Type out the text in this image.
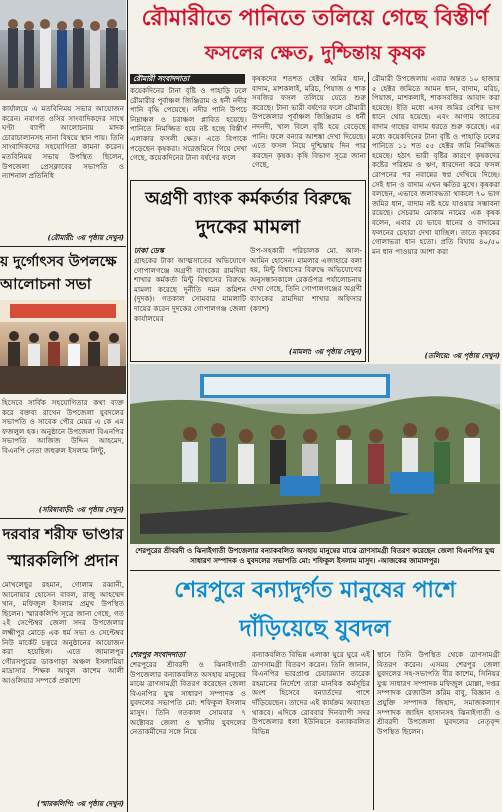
কার্যালয়ে এ মতবিনিময় সভার আয়োজন করেন। নবাগত ওসির সাংবাদিকদের সাথে ঘণ্টা ব্যাপী আলোচনায় মাদক চোরাচালানসহ নানা বিষয়ে স্থান পায়। তিনি সাংবাদিকদের সহযোগিতা কামনা করেন। মতবিনিময় সভায় উপস্থিত ছিলেন, উপজেলা প্রেসক্লাবের সভাপতি ও ন্যাশনাল প্রতিনিধি
(রৌমারী: ৩য় পৃষ্ঠায় দেখুন)
য় দুর্গোৎসব উপলক্ষে
আলোচনা সভা
হিসেবে সার্বিক সহযোগিতার কথা ব্যক্ত করে বক্তব্য রাখেন উপজেলা যুবদলের সভাপতি ও সাবেক পৌর মেয়র এ কে এম ফজলুল হক। অনুষ্ঠানে উপজেলা বিএনপির সভাপতি আজিজ উদ্দিন আহমেদ, বিএনপি নেতা জহুরুল ইসলাম লিন্টু,
(সরিষাবাড়ী: ৩য় পৃষ্ঠায় দেখুন)
দরবার শরীফ ভাণ্ডার
স্মারকলিপি প্রদান
মোখলেছুর রহমান, গোলাম রব্বানী, আনোয়ার হোসেন বাবল, রাজু আহম্মেদ খান, মফিজুল ইসলাম প্রমুখ উপস্থিত ছিলেন। স্মারকলিপি সূত্রে জানা গেছে, গত ২ই সেপ্টেম্বর জেলা সদর উপজেলার লক্ষ্মীপুর মোড়ে এক ধর্ম সভা ও সেপ্টেম্বর নিউ মার্কেট চত্বরে অনুষ্ঠানের আয়োজন করা হয়েছিল। এতে জামালপুর গৌরসপুরের ডাকগাড়া অঞ্চল ইসলামিয়া মাদ্রাসার শিক্ষক আবুল কাশেম আলী আওলিয়ার সম্পর্কে প্রকাশ্যে
(স্মারকলিপি: ৩য় পৃষ্ঠায় দেখুন)
রৌমারীতে পানিতে তলিয়ে গেছে বিস্তীর্ণ
ফসলের ক্ষেত, দুশ্চিন্তায় কৃষক
রৌমারী সংবাদদাতা
কয়েকদিনের টানা বৃষ্টি ও পাহাড়ি ঢলে রৌমারীর পুর্বাঞ্চল জিঞ্জিরাম ও ধর্নী নদীর পানি বৃদ্ধি পেয়েছে। নদীর পানি উপচে নিম্নাঞ্চল ও চরাঞ্চল প্লাবিত হয়েছে। পানিতে নিমজ্জিত হয়ে নষ্ট হচ্ছে বিস্তীর্ণ এলাকার ফসলী ক্ষেত। এতে বিপাকে পড়েছেন কৃষকরা। সরেজমিনে গিয়ে দেখা গেছে, কয়েকদিনের টানা বর্ষণের ফলে
কৃষকদের শতশত হেক্টর জমির ধান, বাদাম, মাশকলাই, মরিচ, পিয়াজ ও শাক সবজির ফসল তলিয়ে যেতে শুরু করেছে। টানা ভারী বর্ষণের ফলে রৌমারী উপজেলার পূর্বাঞ্চল জিঞ্জিরাম ও ধর্নী নদনদী, খাল বিলে বৃষ্টি হয়ে বেড়েছে পানি। ফলে বন্যার আশঙ্কা দেখা দিয়েছে। এতে ফসল নিয়ে দুশ্চিন্তায় দিন পার করছেন কৃষক। কৃষি বিভাগ সূত্রে জানা গেছে,
রৌমারী উপজেলায় এবার অন্তত ১০ হাজার ৫ হেক্টর জমিতে আমন ধান, বাদাম, মরিচ, পিয়াজ, মাশকলাই, শাকসবজির আবাদ করা হয়েছে। ইতি মধ্যে এসব জমির বেশির ভাগ ধানে থোর হয়েছে। এবং আগাম জাতের বাদাম গাছের বাদাম ধরতে শুরু করেছে। এর মধ্যে কয়েকদিনের টানা বৃষ্টি ও পাহাড়ি ঢলের পানিতে ১১ শত ৫৫ হেক্টর জমি নিমজ্জিত হয়েছে। হঠাৎ ভারী বৃষ্টির কারণে কৃষকদের কষ্টের পরিশ্রম ও ঋণ, ধারদেনা করে ফসল রোপনের পর নবান্নের স্বপ্ন দেখিয়ে দিচ্ছে। সেই ধান ও বাদাম এখন ক্ষতির মুখে। কৃষকরা বলছেন, এভাবে জলাবদ্ধতা থাকলে ৭০ ভাগ জমির ধান, বাদাম নষ্ট হয়ে যাওয়ার সম্ভাবনা রয়েছে। সেচরাম মোকাম নামের এক কৃষক বলেন, এবার যে ভাবে ধানের ও বাদামের ফলনের চেহারা দেখা যাচ্ছিল। তাতে কৃষকের গোলাভরা ধান হতো। প্রতি বিঘায় ৪০/৫০ মন ধান পাওয়ার আশা করা
(তলিয়ে: ৩য় পৃষ্ঠায় দেখুন)
অগ্রণী ব্যাংক কর্মকর্তার বিরুদ্ধে
দুদকের মামলা
ঢাকা ডেস্ক
গ্রাহকের টাকা আত্মসাতের অভিযোগে গোপালগঞ্জে অগ্রণী ব্যাংকের রামদিয়া শাখার কর্মকর্তা মিন্টু বিশ্বাসের বিরুদ্ধে মামলা করেছে দুর্নীতি দমন কমিশন (দুদক)। গতকাল সোমবার মামলাটি দায়ের করেন দুদকের গোপালগঞ্জ জেলা কার্যালয়ের
উপ-সহকারী পরিচালক মো. আল-আমিন হোসেন। মামলার এজাহারে বলা হয়, মিন্টু বিশ্বাসের বিরুদ্ধে অভিযোগের অনুসন্ধানকালে রেকর্ডপত্র পর্যালোচনায় দেখা গেছে, তিনি গোপালগঞ্জের অগ্রণী ব্যাংকের রামদিয়া শাখার অফিসার (ক্যাশ)
(মামলা: ৩য় পৃষ্ঠায় দেখুন)
শেরপুরের শ্রীবরদী ও ঝিনাইগাতী উপজেলার বন্যাকবলিত অসহায় মানুষের মাঝে ত্রাণসামগ্রী বিতরণ করেছেন জেলা বিএনপির যুগ্ম সাধারণ সম্পাদক ও যুবদলের সভাপতি মো: শফিকুল ইসলাম মাসুদ। -আজকের জামালপুর।
শেরপুরে বন্যাদুর্গত মানুষের পাশে
দাঁড়িয়েছে যুবদল
শেরপুর সংবাদদাতা
শেরপুরের শ্রীবরদী ও ঝিনাইগাতী উপজেলার বন্যাকবলিত অসহায় মানুষের মাঝে ত্রাণসামগ্রী বিতরণ করেছেন জেলা বিএনপির যুগ্ম সাধারণ সম্পাদক ও যুবদলের সভাপতি মো: শফিকুল ইসলাম মাসুদ। তিনি গতকাল সোমবার ৭ অক্টোবর জেলা ও স্থানীয় যুবদলের নেতাকর্মীদের সঙ্গে নিয়ে
বন্যাকবলিত বিভিন্ন এলাকা ঘুরে ঘুরে এই ত্রাণসামগ্রী বিতরণ করেন। তিনি জানান, বিএনপির ভারপ্রাপ্ত চেয়ারম্যান তারেক রহমানের নির্দেশে তারা মানবিক কর্মসূচির অংশ হিসেবে বন্যার্তদের পাশে দাঁড়িয়েছেন। তাদের এই কার্যক্রম অব্যাহত থাকবে। এদিকে রোববার দিনব্যাপী সদর উপজেলার ধলা ইউনিয়নে বন্যাকবলিত বিভিন্ন
স্থানে তিনি উপস্থিত থেকে ত্রাণসামগ্রী বিতরণ করেন। এসময় শেরপুর জেলা যুবদলের সহ-সভাপতি বীর কাশেম, সিনিয়র যুগ্ম সাধারণ সম্পাদক মফিজুল মোল্লা, দপ্তর সম্পাদক রেজাউল করিম বাবু, বিজ্ঞান ও প্রযুক্তি সম্পাদক জিহাদ, সমাজকল্যাণ সম্পাদক জাহিদ হাসানসহ ঝিনাইগাতী ও শ্রীবরদী উপজেলা যুবদলের নেতৃবৃন্দ উপস্থিত ছিলেন।
